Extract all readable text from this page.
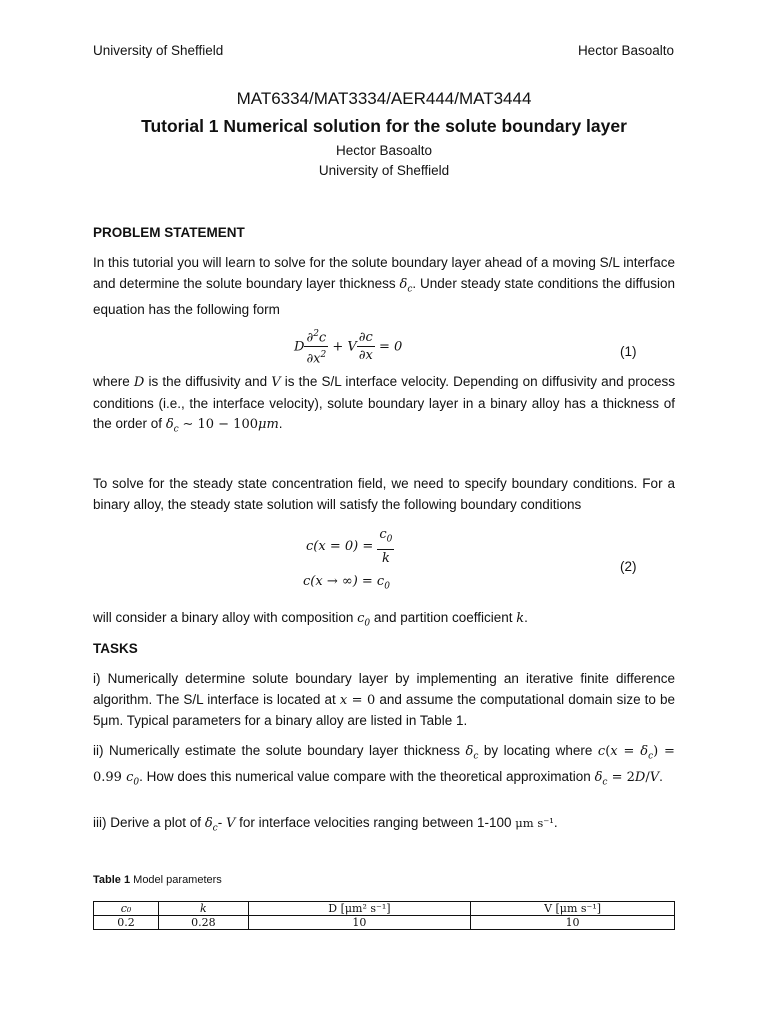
University of Sheffield	Hector Basoalto
MAT6334/MAT3334/AER444/MAT3444
Tutorial 1 Numerical solution for the solute boundary layer
Hector Basoalto
University of Sheffield
PROBLEM STATEMENT
In this tutorial you will learn to solve for the solute boundary layer ahead of a moving S/L interface and determine the solute boundary layer thickness $\delta_c$. Under steady state conditions the diffusion equation has the following form
D $\frac{\partial^2c}{\partial x^2} + V \frac{\partial c}{\partial x} = 0$	(1)
where D is the diffusivity and V is the S/L interface velocity. Depending on diffusivity and process conditions (i.e., the interface velocity), solute boundary layer in a binary alloy has a thickness of the order of $\delta_c$ ∼ 10 − 100μm.
To solve for the steady state concentration field, we need to specify boundary conditions. For a binary alloy, the steady state solution will satisfy the following boundary conditions
$c(x = 0) = \frac{c_0}{k}$
c(x → ∞) = $c_0$
(2)
will consider a binary alloy with composition $c_0$ and partition coefficient k.
TASKS
i) Numerically determine solute boundary layer by implementing an iterative finite difference algorithm. The S/L interface is located at x = 0 and assume the computational domain size to be 5μm. Typical parameters for a binary alloy are listed in Table 1.
ii) Numerically estimate the solute boundary layer thickness $\delta_c$ by locating where $c(x = \delta_c) = 0.99$ $c_0$. How does this numerical value compare with the theoretical approximation $\delta_c = 2D/V$.
iii) Derive a plot of $\delta_c-$ V for interface velocities ranging between 1-100 μm s⁻¹.
Table 1 Model parameters
c₀	k	D [μm² s⁻¹]	V [μm s⁻¹]
0.2	0.28	10	10
